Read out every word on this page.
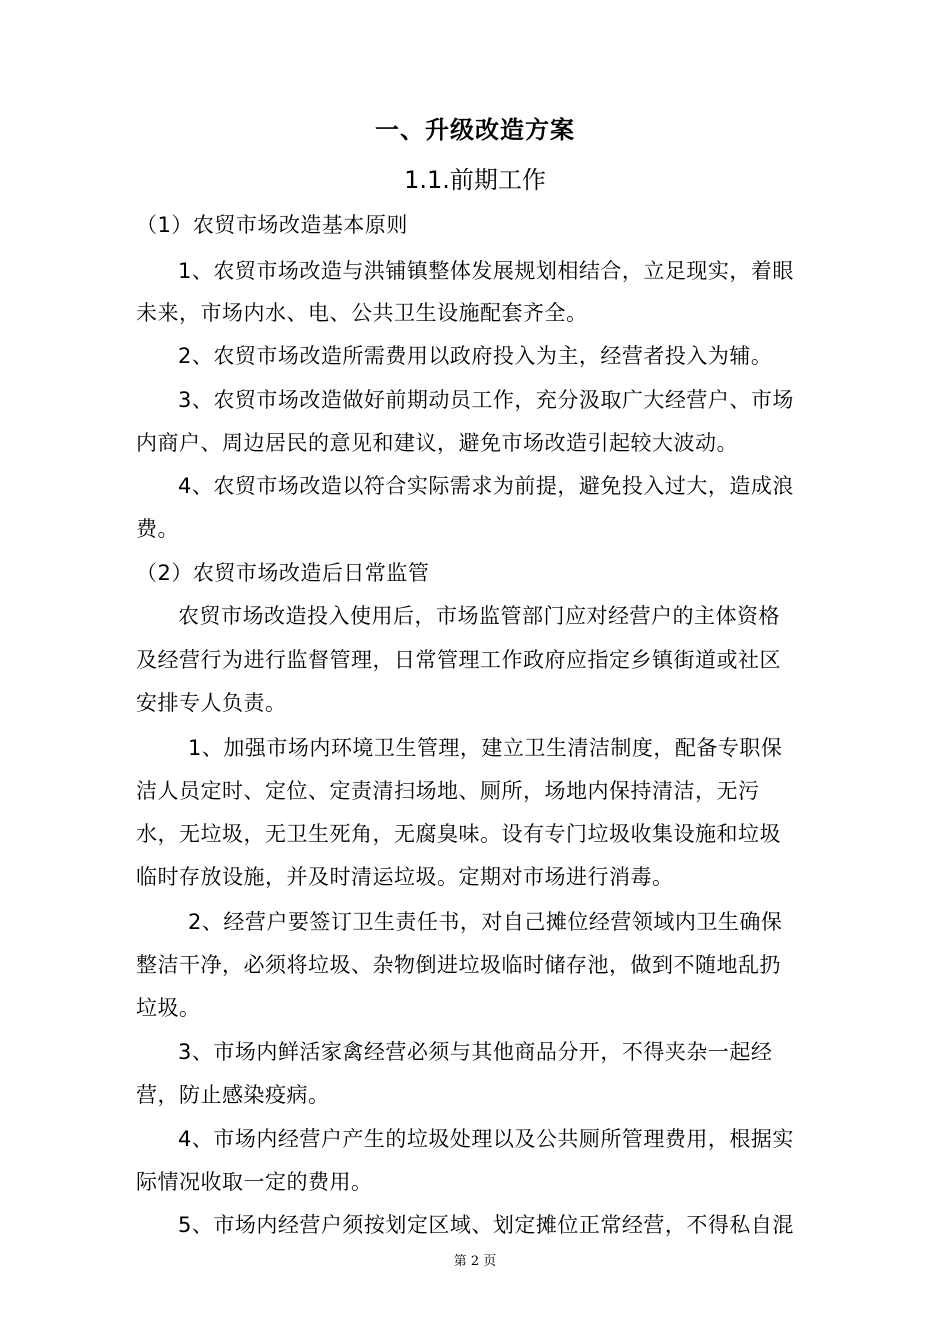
一、升级改造方案
1.1.前期工作
（1）农贸市场改造基本原则
1、农贸市场改造与洪铺镇整体发展规划相结合，立足现实，着眼
未来，市场内水、电、公共卫生设施配套齐全。
2、农贸市场改造所需费用以政府投入为主，经营者投入为辅。
3、农贸市场改造做好前期动员工作，充分汲取广大经营户、市场
内商户、周边居民的意见和建议，避免市场改造引起较大波动。
4、农贸市场改造以符合实际需求为前提，避免投入过大，造成浪
费。
（2）农贸市场改造后日常监管
农贸市场改造投入使用后，市场监管部门应对经营户的主体资格
及经营行为进行监督管理，日常管理工作政府应指定乡镇街道或社区
安排专人负责。
1、加强市场内环境卫生管理，建立卫生清洁制度，配备专职保
洁人员定时、定位、定责清扫场地、厕所，场地内保持清洁，无污
水，无垃圾，无卫生死角，无腐臭味。设有专门垃圾收集设施和垃圾
临时存放设施，并及时清运垃圾。定期对市场进行消毒。
2、经营户要签订卫生责任书，对自己摊位经营领域内卫生确保
整洁干净，必须将垃圾、杂物倒进垃圾临时储存池，做到不随地乱扔
垃圾。
3、市场内鲜活家禽经营必须与其他商品分开，不得夹杂一起经
营，防止感染疫病。
4、市场内经营户产生的垃圾处理以及公共厕所管理费用，根据实
际情况收取一定的费用。
5、市场内经营户须按划定区域、划定摊位正常经营，不得私自混
第 2 页
